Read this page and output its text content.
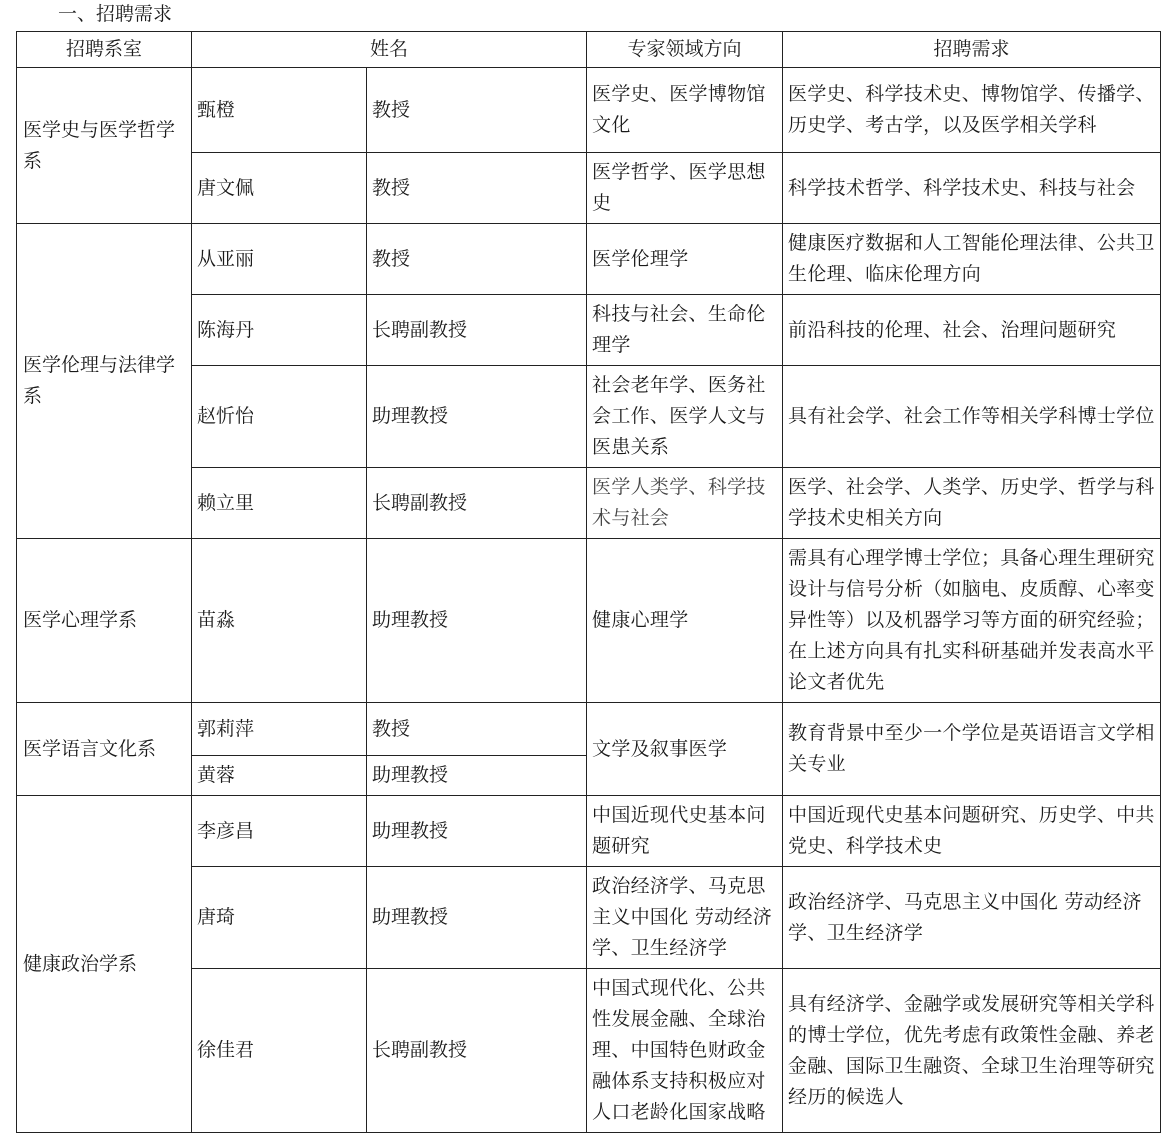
一、招聘需求
招聘系室	姓名		专家领域方向	招聘需求
医学史与医学哲学系	甄橙	教授	医学史、医学博物馆文化	医学史、科学技术史、博物馆学、传播学、历史学、考古学，以及医学相关学科
	唐文佩	教授	医学哲学、医学思想史	科学技术哲学、科学技术史、科技与社会
医学伦理与法律学系	从亚丽	教授	医学伦理学	健康医疗数据和人工智能伦理法律、公共卫生伦理、临床伦理方向
	陈海丹	长聘副教授	科技与社会、生命伦理学	前沿科技的伦理、社会、治理问题研究
	赵忻怡	助理教授	社会老年学、医务社会工作、医学人文与医患关系	具有社会学、社会工作等相关学科博士学位
	赖立里	长聘副教授	医学人类学、科学技术与社会	医学、社会学、人类学、历史学、哲学与科学技术史相关方向
医学心理学系	苗淼	助理教授	健康心理学	需具有心理学博士学位；具备心理生理研究设计与信号分析（如脑电、皮质醇、心率变异性等）以及机器学习等方面的研究经验；在上述方向具有扎实科研基础并发表高水平论文者优先
医学语言文化系	郭莉萍	教授	文学及叙事医学	教育背景中至少一个学位是英语语言文学相关专业
	黄蓉	助理教授		
健康政治学系	李彦昌	助理教授	中国近现代史基本问题研究	中国近现代史基本问题研究、历史学、中共党史、科学技术史
	唐琦	助理教授	政治经济学、马克思主义中国化 劳动经济学、卫生经济学	政治经济学、马克思主义中国化 劳动经济学、卫生经济学
	徐佳君	长聘副教授	中国式现代化、公共性发展金融、全球治理、中国特色财政金融体系支持积极应对人口老龄化国家战略	具有经济学、金融学或发展研究等相关学科的博士学位，优先考虑有政策性金融、养老金融、国际卫生融资、全球卫生治理等研究经历的候选人
